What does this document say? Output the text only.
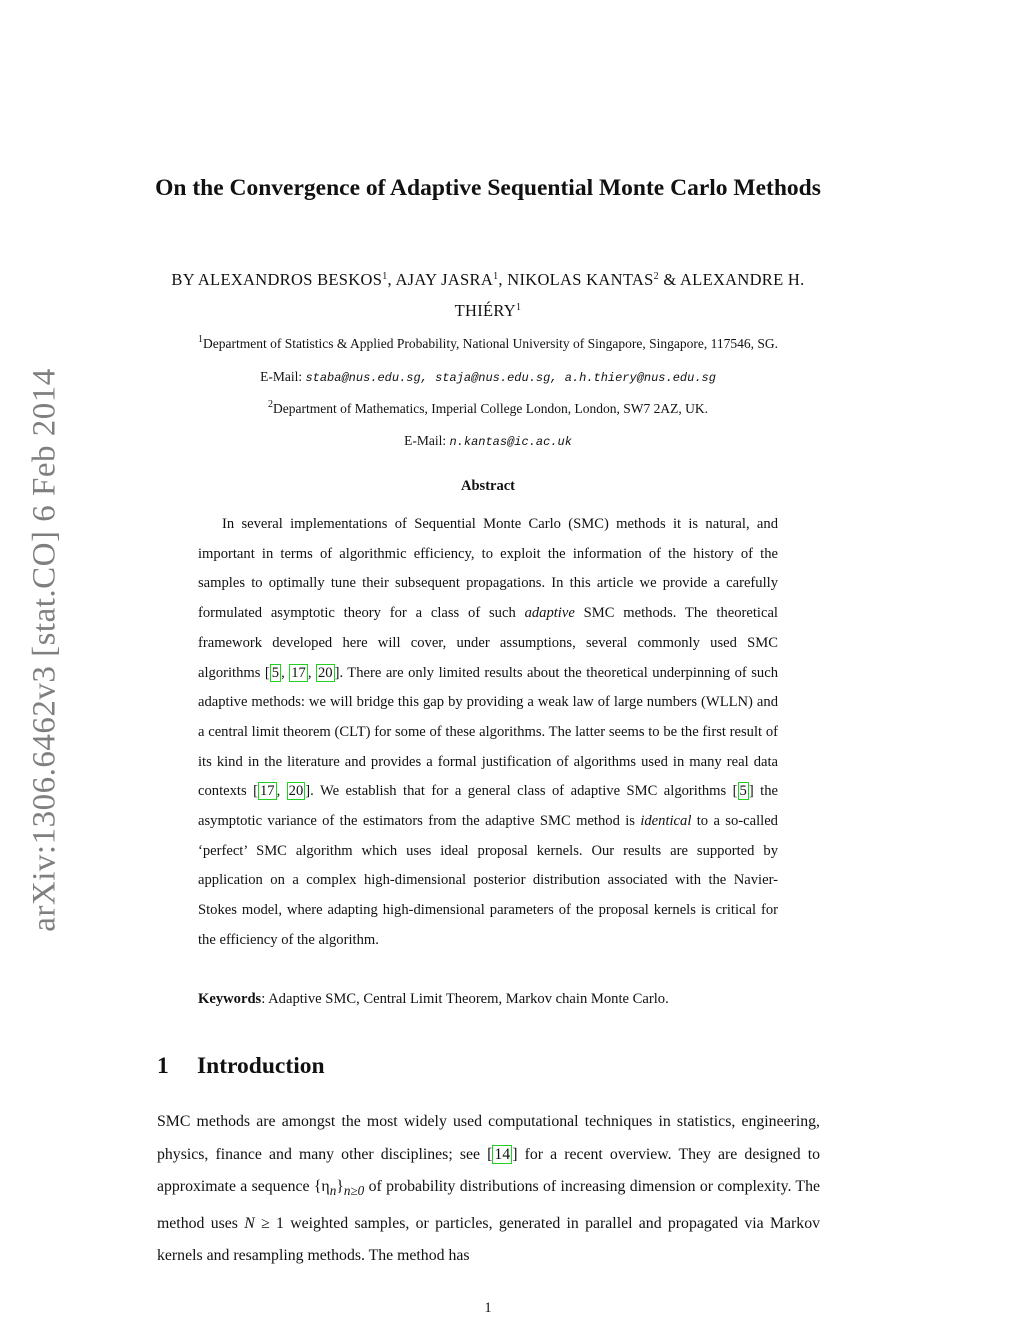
arXiv:1306.6462v3 [stat.CO] 6 Feb 2014
On the Convergence of Adaptive Sequential Monte Carlo Methods
BY ALEXANDROS BESKOS$^1$, AJAY JASRA$^1$, NIKOLAS KANTAS$^2$ & ALEXANDRE H. THIÉRY$^1$
$^1$Department of Statistics & Applied Probability, National University of Singapore, Singapore, 117546, SG.
E-Mail: staba@nus.edu.sg, staja@nus.edu.sg, a.h.thiery@nus.edu.sg
$^2$Department of Mathematics, Imperial College London, London, SW7 2AZ, UK.
E-Mail: n.kantas@ic.ac.uk
Abstract
In several implementations of Sequential Monte Carlo (SMC) methods it is natural, and important in terms of algorithmic efficiency, to exploit the information of the history of the samples to optimally tune their subsequent propagations. In this article we provide a carefully formulated asymptotic theory for a class of such adaptive SMC methods. The theoretical framework developed here will cover, under assumptions, several commonly used SMC algorithms [ 5 , 17 , 20 ]. There are only limited results about the theoretical underpinning of such adaptive methods: we will bridge this gap by providing a weak law of large numbers (WLLN) and a central limit theorem (CLT) for some of these algorithms. The latter seems to be the first result of its kind in the literature and provides a formal justification of algorithms used in many real data contexts [ 17 , 20 ]. We establish that for a general class of adaptive SMC algorithms [ 5 ] the asymptotic variance of the estimators from the adaptive SMC method is identical to a so-called ‘perfect’ SMC algorithm which uses ideal proposal kernels. Our results are supported by application on a complex high-dimensional posterior distribution associated with the Navier-Stokes model, where adapting high-dimensional parameters of the proposal kernels is critical for the efficiency of the algorithm.
Keywords: Adaptive SMC, Central Limit Theorem, Markov chain Monte Carlo.
1 Introduction
SMC methods are amongst the most widely used computational techniques in statistics, engineering, physics, finance and many other disciplines; see [ 14 ] for a recent overview. They are designed to approximate a sequence $\{\eta_n\}_{n\ge 0}$ of probability distributions of increasing dimension or complexity. The method uses N ≥ 1 weighted samples, or particles, generated in parallel and propagated via Markov kernels and resampling methods. The method has
1
